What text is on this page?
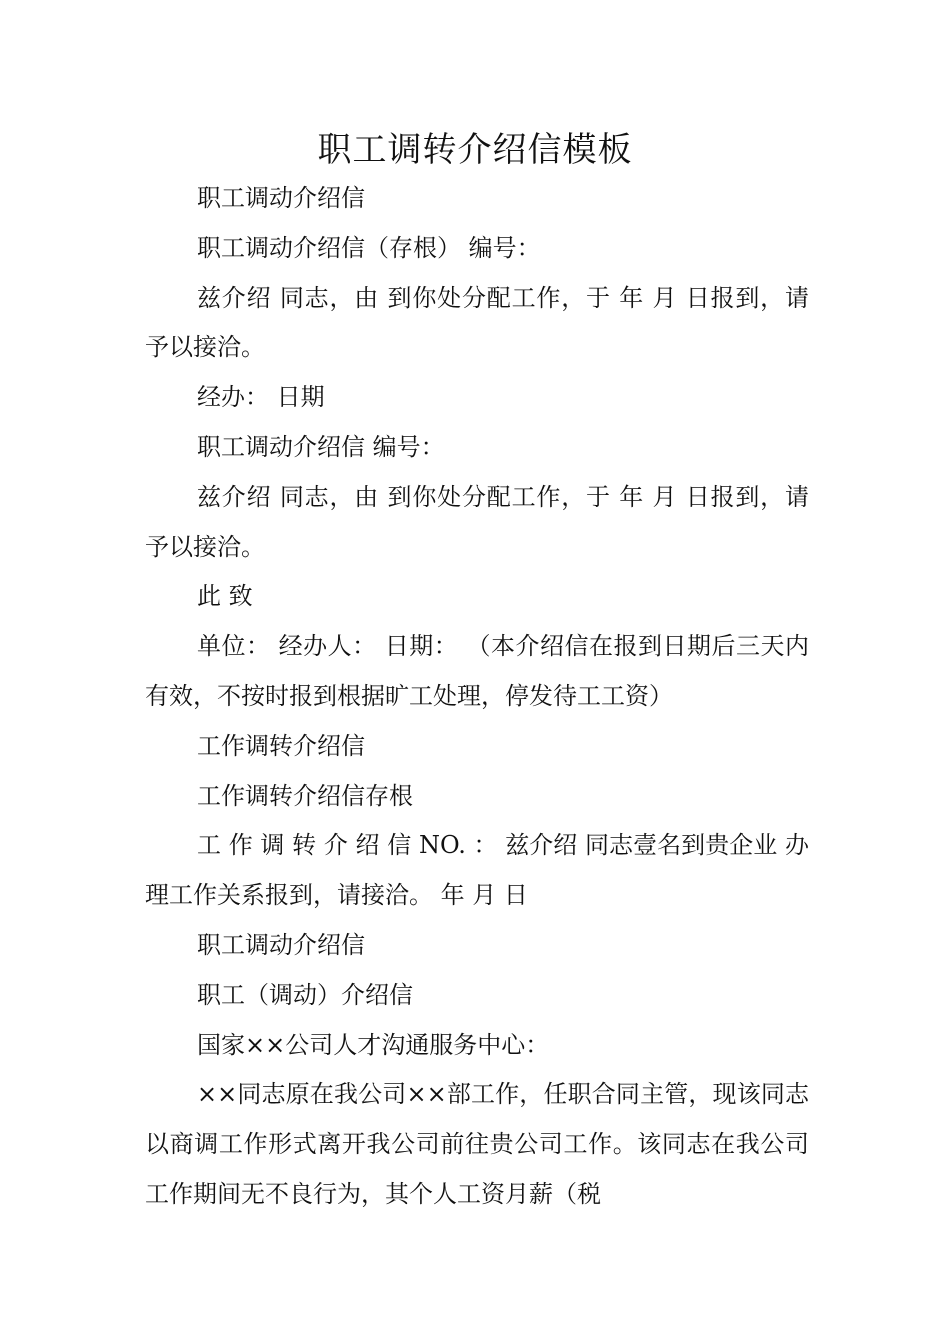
职工调转介绍信模板

职工调动介绍信

职工调动介绍信（存根） 编号：

兹介绍 同志，由 到你处分配工作，于 年 月 日报到，请予以接洽。

经办： 日期

职工调动介绍信 编号：

兹介绍 同志，由 到你处分配工作，于 年 月 日报到，请予以接洽。

此 致

单位： 经办人： 日期： （本介绍信在报到日期后三天内有效，不按时报到根据旷工处理，停发待工工资）

工作调转介绍信

工作调转介绍信存根

工 作 调 转 介 绍 信 NO. ： 兹介绍 同志壹名到贵企业 办理工作关系报到，请接洽。 年 月 日

职工调动介绍信

职工（调动）介绍信

国家××公司人才沟通服务中心：

××同志原在我公司××部工作，任职合同主管，现该同志以商调工作形式离开我公司前往贵公司工作。该同志在我公司工作期间无不良行为，其个人工资月薪（税
